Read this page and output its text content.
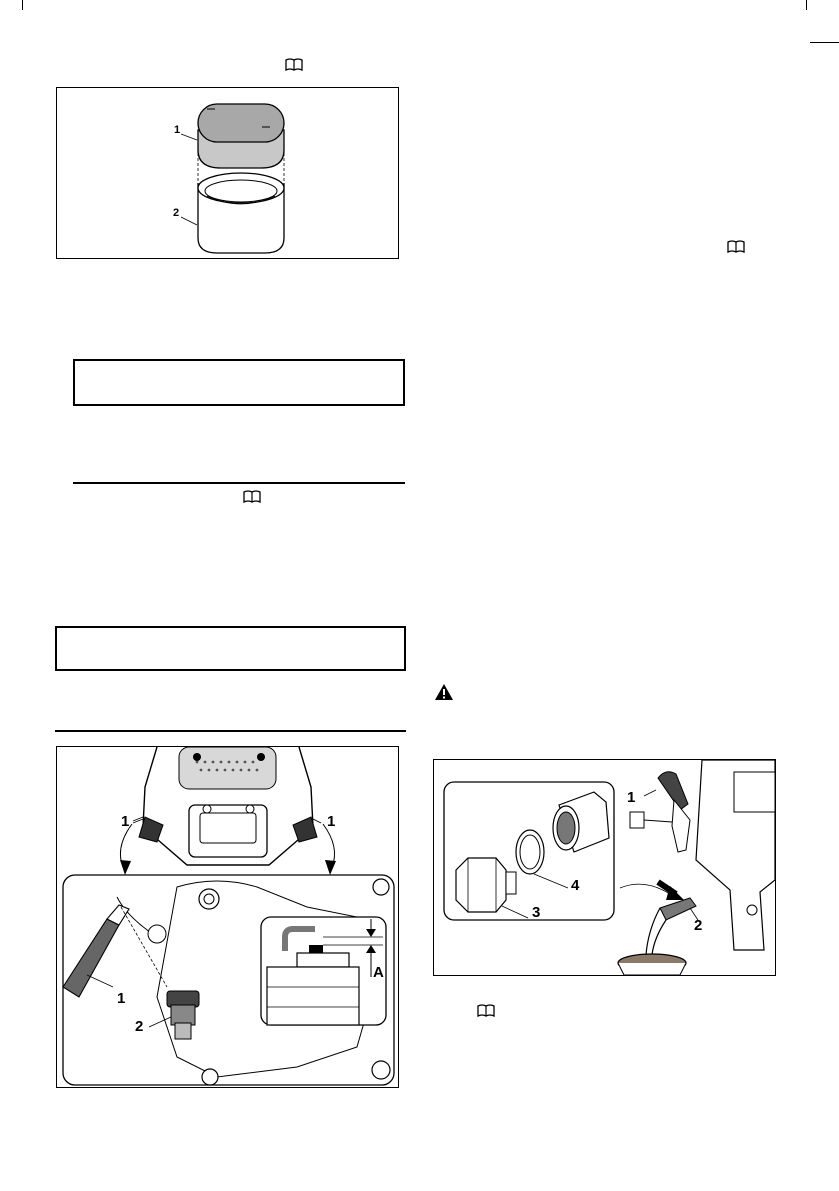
1
2
1	1
1
2
A
1
2
3
4
